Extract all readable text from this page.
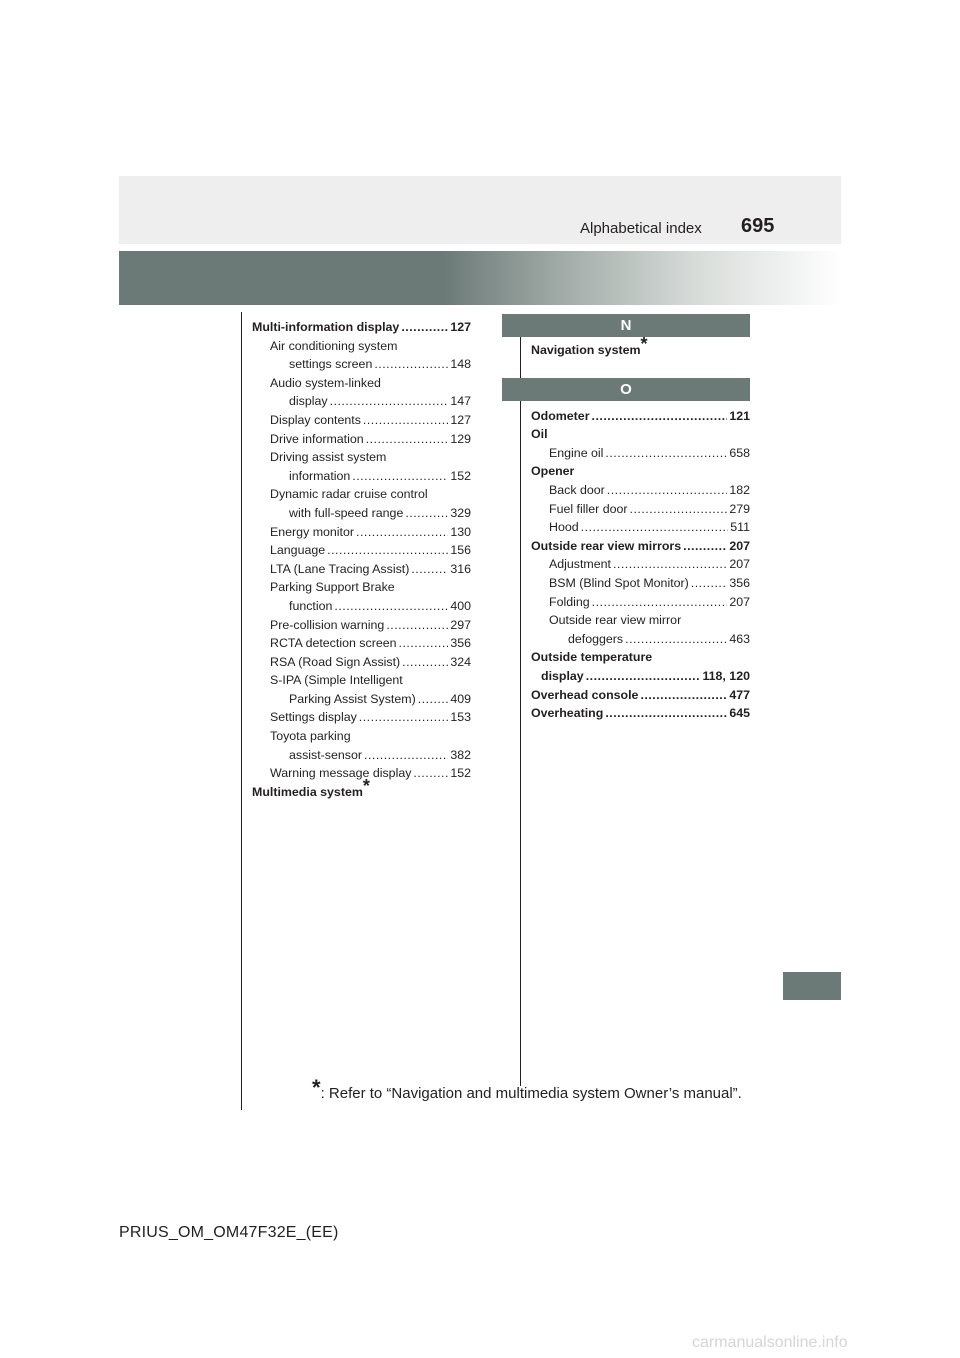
Alphabetical index 695
Multi-information display .....	127
Air conditioning system
settings screen .....	148
Audio system-linked
display .....	147
Display contents .....	127
Drive information .....	129
Driving assist system
information .....	152
Dynamic radar cruise control
with full-speed range .....	329
Energy monitor .....	130
Language .....	156
LTA (Lane Tracing Assist) .....	316
Parking Support Brake
function .....	400
Pre-collision warning .....	297
RCTA detection screen .....	356
RSA (Road Sign Assist) .....	324
S-IPA (Simple Intelligent
Parking Assist System) .....	409
Settings display .....	153
Toyota parking
assist-sensor .....	382
Warning message display .....	152
Multimedia system*
N
Navigation system*
O
Odometer .....	121
Oil
Engine oil .....	658
Opener
Back door .....	182
Fuel filler door .....	279
Hood .....	511
Outside rear view mirrors .....	207
Adjustment .....	207
BSM (Blind Spot Monitor) .....	356
Folding .....	207
Outside rear view mirror
defoggers .....	463
Outside temperature
display .....	118, 120
Overhead console .....	477
Overheating .....	645
*: Refer to “Navigation and multimedia system Owner’s manual”.
PRIUS_OM_OM47F32E_(EE)
carmanualsonline.info
